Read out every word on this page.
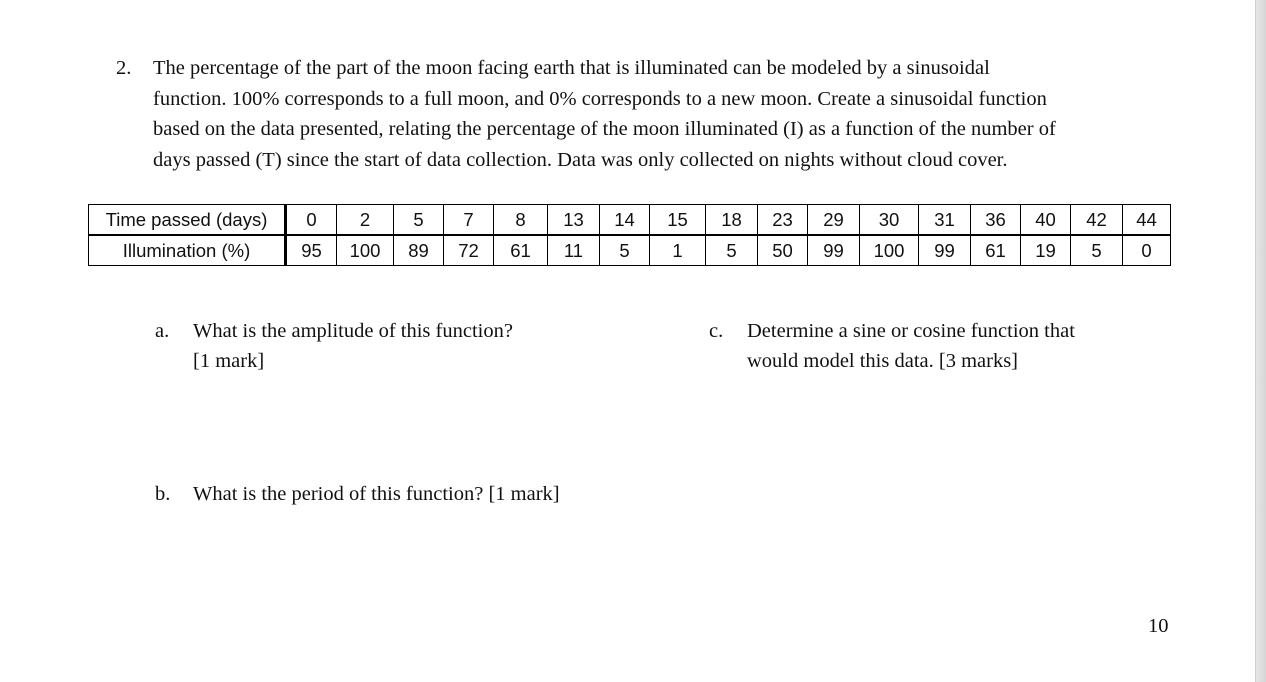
2. The percentage of the part of the moon facing earth that is illuminated can be modeled by a sinusoidal
function. 100% corresponds to a full moon, and 0% corresponds to a new moon. Create a sinusoidal function
based on the data presented, relating the percentage of the moon illuminated (I) as a function of the number of
days passed (T) since the start of data collection. Data was only collected on nights without cloud cover.
Time passed (days)	0	2	5	7	8	13	14	15	18	23	29	30	31	36	40	42	44
Illumination (%)	95	100	89	72	61	11	5	1	5	50	99	100	99	61	19	5	0
a. What is the amplitude of this function?
[1 mark]
b. What is the period of this function? [1 mark]
c. Determine a sine or cosine function that
would model this data. [3 marks]
10
